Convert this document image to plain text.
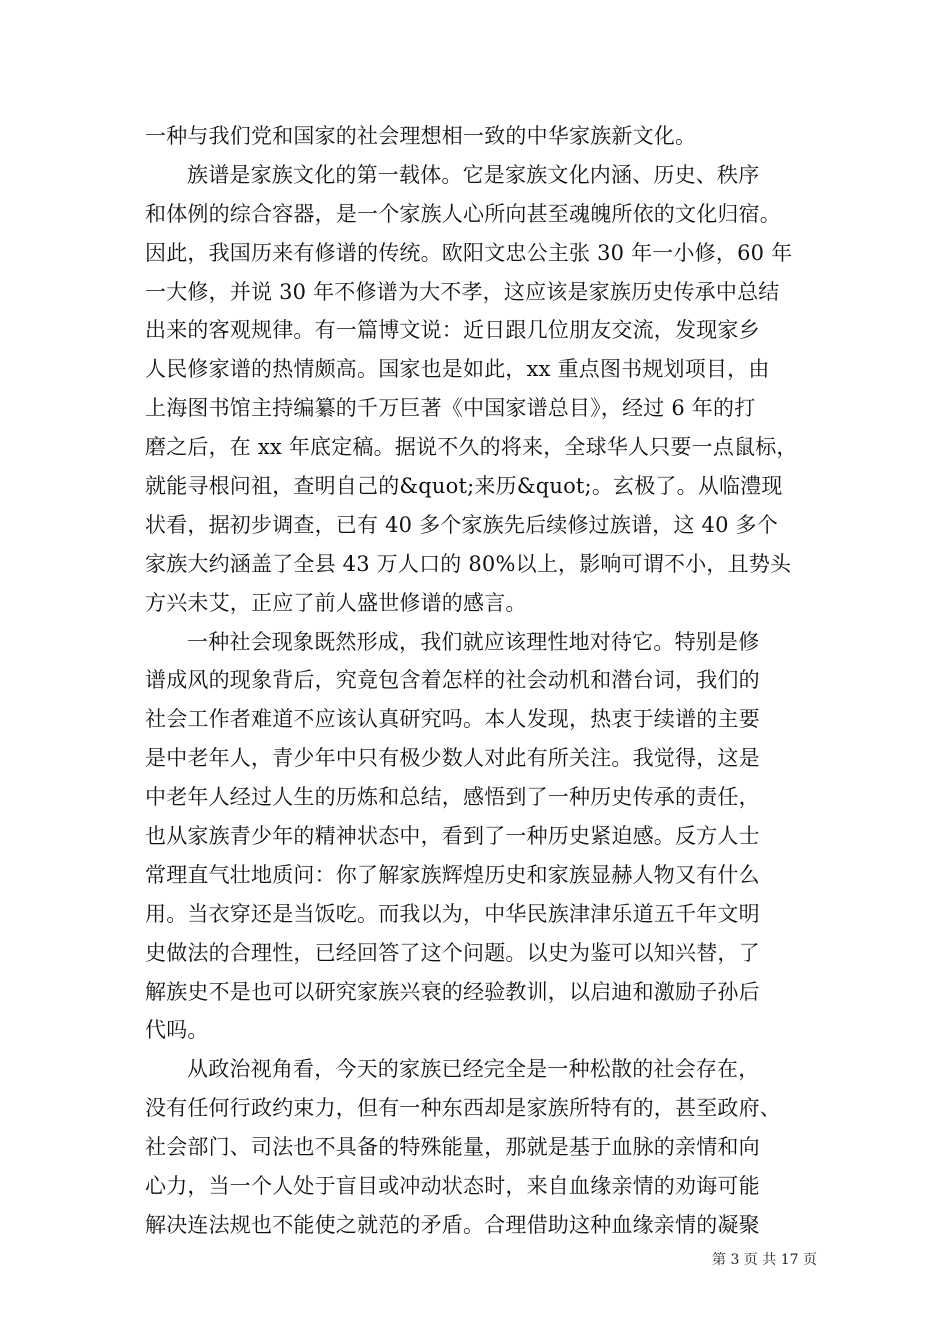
一种与我们党和国家的社会理想相一致的中华家族新文化。
族谱是家族文化的第一载体。它是家族文化内涵、历史、秩序
和体例的综合容器，是一个家族人心所向甚至魂魄所依的文化归宿。
因此，我国历来有修谱的传统。欧阳文忠公主张 30 年一小修，60 年
一大修，并说 30 年不修谱为大不孝，这应该是家族历史传承中总结
出来的客观规律。有一篇博文说：近日跟几位朋友交流，发现家乡
人民修家谱的热情颇高。国家也是如此，xx 重点图书规划项目，由
上海图书馆主持编纂的千万巨著《中国家谱总目》，经过 6 年的打
磨之后，在 xx 年底定稿。据说不久的将来，全球华人只要一点鼠标，
就能寻根问祖，查明自己的&quot;来历&quot;。玄极了。从临澧现
状看，据初步调查，已有 40 多个家族先后续修过族谱，这 40 多个
家族大约涵盖了全县 43 万人口的 80%以上，影响可谓不小，且势头
方兴未艾，正应了前人盛世修谱的感言。
一种社会现象既然形成，我们就应该理性地对待它。特别是修
谱成风的现象背后，究竟包含着怎样的社会动机和潜台词，我们的
社会工作者难道不应该认真研究吗。本人发现，热衷于续谱的主要
是中老年人，青少年中只有极少数人对此有所关注。我觉得，这是
中老年人经过人生的历炼和总结，感悟到了一种历史传承的责任，
也从家族青少年的精神状态中，看到了一种历史紧迫感。反方人士
常理直气壮地质问：你了解家族辉煌历史和家族显赫人物又有什么
用。当衣穿还是当饭吃。而我以为，中华民族津津乐道五千年文明
史做法的合理性，已经回答了这个问题。以史为鉴可以知兴替，了
解族史不是也可以研究家族兴衰的经验教训，以启迪和激励子孙后
代吗。
从政治视角看，今天的家族已经完全是一种松散的社会存在，
没有任何行政约束力，但有一种东西却是家族所特有的，甚至政府、
社会部门、司法也不具备的特殊能量，那就是基于血脉的亲情和向
心力，当一个人处于盲目或冲动状态时，来自血缘亲情的劝诲可能
解决连法规也不能使之就范的矛盾。合理借助这种血缘亲情的凝聚
第 3 页 共 17 页
